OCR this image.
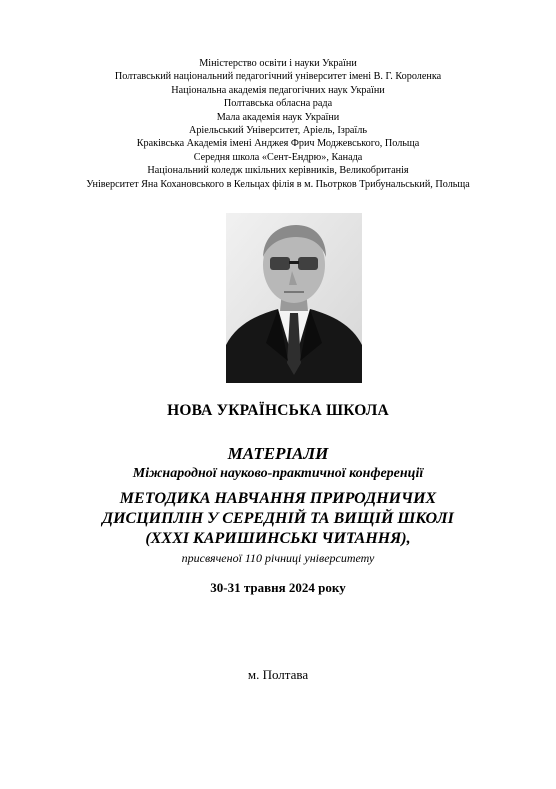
Міністерство освіти і науки України
Полтавський національний педагогічний університет імені В. Г. Короленка
Національна академія педагогічних наук України
Полтавська обласна рада
Мала академія наук України
Аріельський Університет, Аріель, Ізраїль
Краківська Академія імені Анджея Фрич Моджевського, Польща
Середня школа «Сент-Ендрю», Канада
Національний коледж шкільних керівників, Великобританія
Університет Яна Кохановського в Кельцах філія в м. Пьотрков Трибунальський, Польща
НОВА УКРАЇНСЬКА ШКОЛА
МАТЕРІАЛИ
Міжнародної науково-практичної конференції
МЕТОДИКА НАВЧАННЯ ПРИРОДНИЧИХ
ДИСЦИПЛІН У СЕРЕДНІЙ ТА ВИЩІЙ ШКОЛІ
(ХХХІ КАРИШИНСЬКІ ЧИТАННЯ),
присвяченої 110 річниці університету
30-31 травня 2024 року
м. Полтава
